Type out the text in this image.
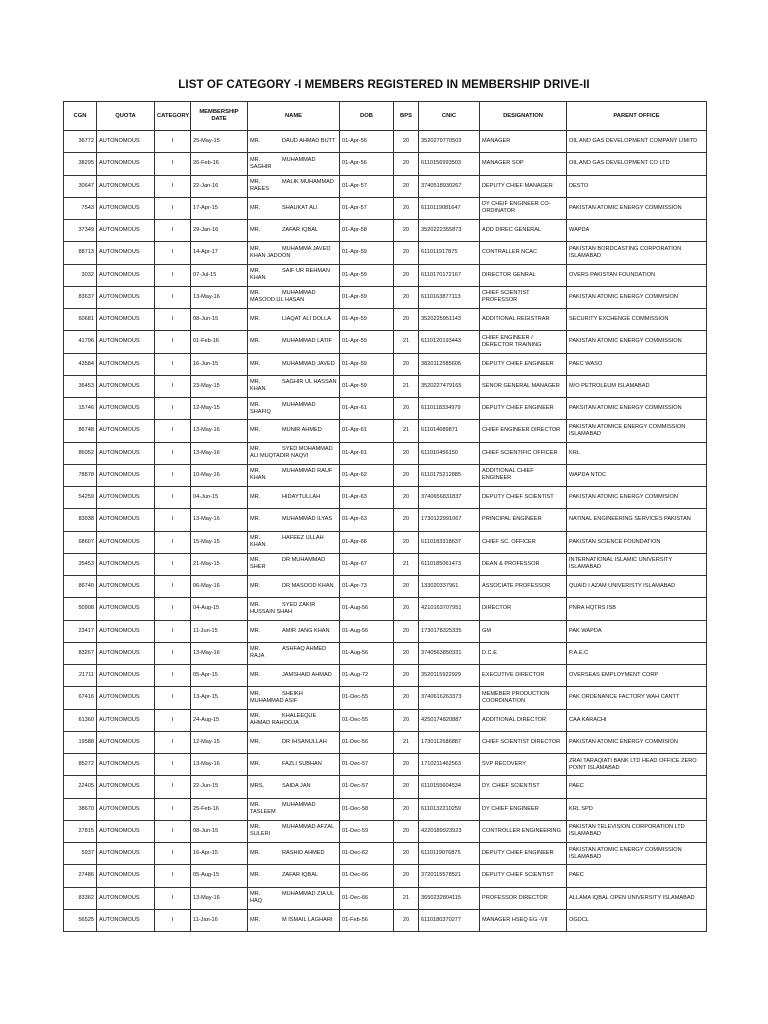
LIST OF CATEGORY -I MEMBERS REGISTERED IN MEMBERSHIP DRIVE-II
CGN	QUOTA	CATEGORY	MEMBERSHIP DATE	NAME	DOB	BPS	CNIC	DESIGNATION	PARENT OFFICE
36772	AUTONOMOUS	I	25-May-15	MR. DAUD AHMAD BUTT	01-Apr-56	20	3520279770503	MANAGER	OIL AND GAS DEVELOPMENT COMPANY LIMITD
38295	AUTONOMOUS	I	26-Feb-16	MR. MUHAMMAD SAGHIR	01-Apr-56	20	6110156993503	MANAGER SOP	OIL AND GAS DEVELOPMENT CO LTD
30647	AUTONOMOUS	I	22-Jan-16	MR. MALIK MUHAMMAD RAEES	01-Apr-57	20	3740518930267	DEPUTY CHIEF MANAGER	DESTO
7543	AUTONOMOUS	I	17-Apr-15	MR. SHAUKAT ALI	01-Apr-57	20	6110119081647	DY CHEIF ENGINEER CO-ORDINATOR	PAKISTAN ATOMIC ENERGY COMMISSION
37349	AUTONOMOUS	I	29-Jan-16	MR. ZAFAR IQBAL	01-Apr-58	20	3520222355873	ADD DIREC GENERAL	WAPDA
88713	AUTONOMOUS	I	14-Apr-17	MR. MUHAMMA JAVED KHAN JADOON	01-Apr-59	20	611011917875	CONTRALLER NCAC	PAKISTAN BORDCASTING CORPORATION ISLAMABAD
3032	AUTONOMOUS	I	07-Jul-15	MR. SAIF UR REHMAN KHAN	01-Apr-59	20	6110170172167	DIRECTOR GENRAL	OVERS PAKISTAN FOUNDATION
83637	AUTONOMOUS	I	13-May-16	MR. MUHAMMAD MASOOD UL HASAN	01-Apr-59	20	6110163877113	CHIEF SCIENTIST PROFESSOR	PAKISTAN ATOMIC ENERGY COMMISION
60681	AUTONOMOUS	I	08-Jun-15	MR. LIAQAT ALI DOLLA	01-Apr-59	20	3520225951143	ADDITIONAL REGISTRAR	SECURITY EXCHENGE COMMISSION
41706	AUTONOMOUS	I	01-Feb-16	MR. MUHAMMAD LATIF	01-Apr-59	21	6110120193443	CHIEF ENGINEER / DERECTOR TRAINING	PAKISTAN ATOMIC ENERGY COMMISSION
43584	AUTONOMOUS	I	16-Jun-15	MR. MUHAMMAD JAVED	01-Apr-59	20	3820112585605	DEPUTY CHIEF ENGINEER	PAEC WASO
36453	AUTONOMOUS	I	23-May-15	MR. SAGHIR UL HASSAN KHAN	01-Apr-59	21	3520227479165	SENOR GENERAL MANAGER	M/O PETROLEUM ISLAMABAD
15746	AUTONOMOUS	I	12-May-15	MR. MUHAMMAD SHAFIQ	01-Apr-61	20	6110118334979	DEPUTY CHIEF ENGINEER	PAKSITAN ATOMIC ENERGY COMMISSION
86748	AUTONOMOUS	I	13-May-16	MR. MUNIR AHMED	01-Apr-61	21	611014689871	CHIEF ENGINEER DIRECTOR	PAKISTAN ATOMICE ENERGY COMMISSION ISLAMABAD
86052	AUTONOMOUS	I	13-May-16	MR. SYED MOHAMMAD ALI MUQTADIR NAQVI	01-Apr-61	20	611010456150	CHIEF SCIENTIFIC OFFICER	KRL
78878	AUTONOMOUS	I	10-May-16	MR. MUHAMMAD RAUF KHAN	01-Apr-62	20	6110175212885	ADDITIONAL CHIEF ENGINEER	WAPDA NTDC
54259	AUTONOMOUS	I	04-Jun-15	MR. HIDAYTULLAH	01-Apr-63	20	3740656831837	DEPUTY CHIEF SCIENTIST	PAKISTAN ATOMIC ENERGY COMMISION
83938	AUTONOMOUS	I	13-May-16	MR. MUHAMMAD ILYAS	01-Apr-63	20	1730122991067	PRINCIPAL ENGINEER	NATINAL ENGINEERING SERVICES PAKISTAN
68607	AUTONOMOUS	I	15-May-15	MR. HAFEEZ ULLAH KHAN	01-Apr-66	20	6110183318637	CHIEF SC. OFFICER	PAKISTAN SCIENCE FOUNDATION
35453	AUTONOMOUS	I	21-May-15	MR. DR MUHAMMAD SHER	01-Apr-67	21	6110185061473	DEAN & PROFESSOR	INTERNATIONAL ISLAMIC UNIVERSITY ISLAMABAD
86740	AUTONOMOUS	I	06-May-16	MR. DR MASOOD KHAN	01-Apr-73	20	133020337961	ASSOCIATE PROFESSOR	QUAID I AZAM UNIVERISTY ISLAMABAD
50908	AUTONOMOUS	I	04-Aug-15	MR. SYED ZAKIR HUSSAIN SHAH	01-Aug-56	20	4210163707951	DIRECTOR	PNRA HQTRS ISB
23417	AUTONOMOUS	I	11-Jun-15	MR. AMIR JANG KHAN	01-Aug-56	20	1730178325335	GM	PAK WAPDA
83267	AUTONOMOUS	I	13-May-16	MR. ASHFAQ AHMED RAJA	01-Aug-56	20	3740563850331	D.C.E	P.A.E.C
21711	AUTONOMOUS	I	05-Apr-15	MR. JAMSHAID AHMAD	01-Aug-72	20	3520115922929	EXECUTIVE DIRECTOR	OVERSEAS EMPLOYMENT CORP
67416	AUTONOMOUS	I	13-Apr-15	MR. SHEIKH MUHAMMAD ASIF	01-Dec-55	20	3740616263373	MEMEBER PRODUCTION COORDINATION	PAK ORDENANCE FACTORY WAH CANTT
61360	AUTONOMOUS	I	24-Aug-15	MR. KHALEEQUE AHMAD RAHOOJA	01-Dec-55	20	4250174820887	ADDITIONAL DIRECTOR	CAA KARACHI
19588	AUTONOMOUS	I	12-May-15	MR. DR IHSANULLAH	01-Dec-56	21	1730112686887	CHIEF SCIENTIST DIRECTOR	PAKISTAN ATOMIC ENERGY COMMISION
85272	AUTONOMOUS	I	13-May-16	MR. FAZLI SUBHAN	01-Dec-57	20	1710211462563	SVP RECOVERY	ZRAI TARAQIATI BANK LTD HEAD OFFICE ZERO POINT ISLAMABAD
22405	AUTONOMOUS	I	22-Jun-15	MRS. SAIDA JAN	01-Dec-57	20	6110155604534	DY. CHIEF SCIENTIST	PAEC
38670	AUTONOMOUS	I	25-Feb-16	MR. MUHAMMAD TASLEEM	01-Dec-58	20	6110132210259	DY CHIEF ENGINEER	KRL SPD
27815	AUTONOMOUS	I	08-Jun-15	MR. MUHAMMAD AFZAL SULERI	01-Dec-59	20	4220189923923	CONTROLLER ENGINEERING	PAKISTAN TELEVISION CORPORATION LTD ISLAMABAD
5937	AUTONOMOUS	I	16-Apr-15	MR. RASHID AHMED	01-Dec-62	20	6110119076875	DEPUTY CHIEF ENGINEER	PAKISTAN ATOMIC ENERGY COMMISSION ISLAMABAD
27486	AUTONOMOUS	I	05-Aug-15	MR. ZAFAR IQBAL	01-Dec-66	20	3720115578521	DEPUTY CHIEF SCIENTIST	PAEC
83362	AUTONOMOUS	I	13-May-16	MR. MUHAMMAD ZIA UL HAQ	01-Dec-66	21	3650232804115	PROFESSOR DIRECTOR	ALLAMA IQBAL OPEN UNIVERSITY ISLAMABAD
56525	AUTONOMOUS	I	11-Jan-16	MR. M ISMAIL LAGHARI	01-Feb-56	20	6110180370277	MANAGER HSEQ EG -VII	OGDCL
